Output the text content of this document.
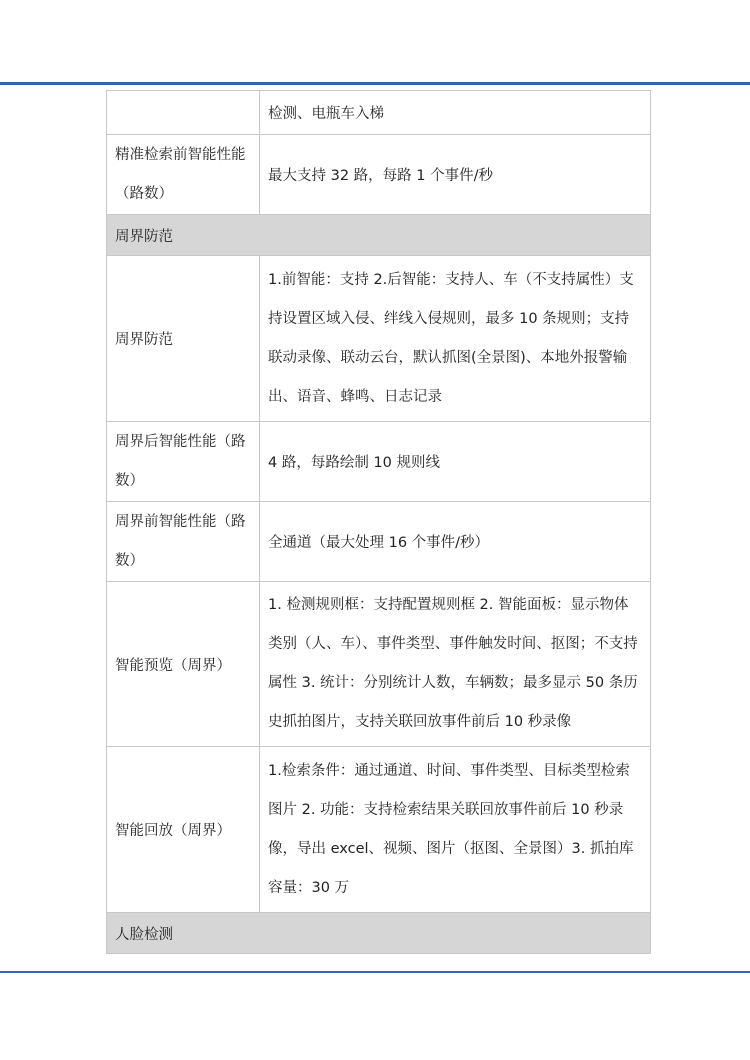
	检测、电瓶车入梯
精准检索前智能性能（路数）	最大支持 32 路，每路 1 个事件/秒
周界防范	
周界防范	1.前智能：支持 2.后智能：支持人、车（不支持属性）支持设置区域入侵、绊线入侵规则，最多 10 条规则；支持联动录像、联动云台，默认抓图(全景图)、本地外报警输出、语音、蜂鸣、日志记录
周界后智能性能（路数）	4 路，每路绘制 10 规则线
周界前智能性能（路数）	全通道（最大处理 16 个事件/秒）
智能预览（周界）	1. 检测规则框：支持配置规则框 2. 智能面板：显示物体类别（人、车）、事件类型、事件触发时间、抠图；不支持属性 3. 统计：分别统计人数，车辆数；最多显示 50 条历史抓拍图片，支持关联回放事件前后 10 秒录像
智能回放（周界）	1.检索条件：通过通道、时间、事件类型、目标类型检索图片 2. 功能：支持检索结果关联回放事件前后 10 秒录像，导出 excel、视频、图片（抠图、全景图）3. 抓拍库容量：30 万
人脸检测	
